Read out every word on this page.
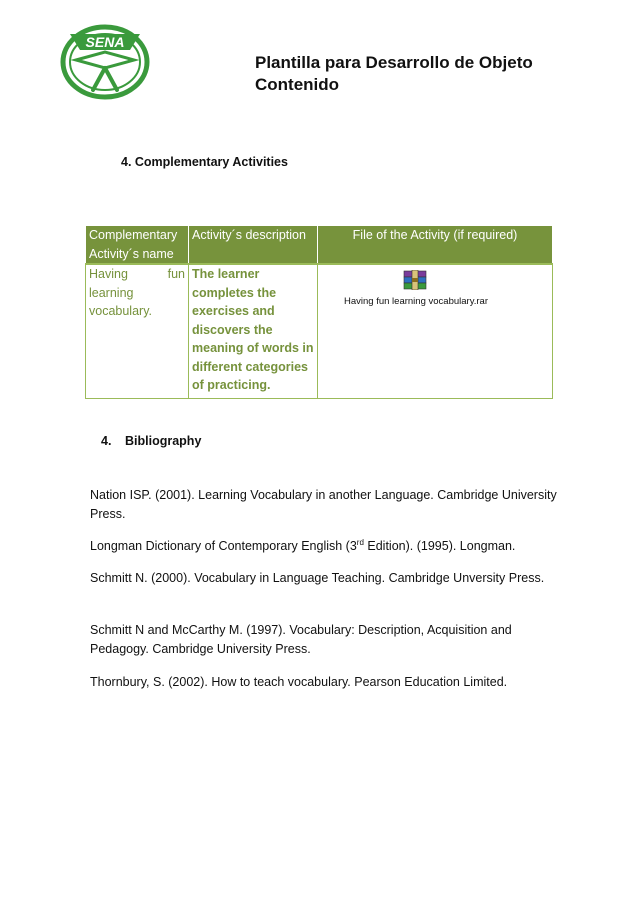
SENA
Plantilla para Desarrollo de Objeto
Contenido
4. Complementary Activities
Complementary Activity´s name	Activity´s description	File of the Activity (if required)
Having fun learning vocabulary.	The learner completes the exercises and discovers the meaning of words in different categories of practicing.	Having fun learning vocabulary.rar
4. Bibliography

Nation ISP. (2001). Learning Vocabulary in another Language. Cambridge University Press.

Longman Dictionary of Contemporary English (3rd Edition). (1995). Longman.

Schmitt N. (2000). Vocabulary in Language Teaching. Cambridge Unversity Press.

Schmitt N and McCarthy M. (1997). Vocabulary: Description, Acquisition and Pedagogy. Cambridge University Press.

Thornbury, S. (2002). How to teach vocabulary. Pearson Education Limited.
